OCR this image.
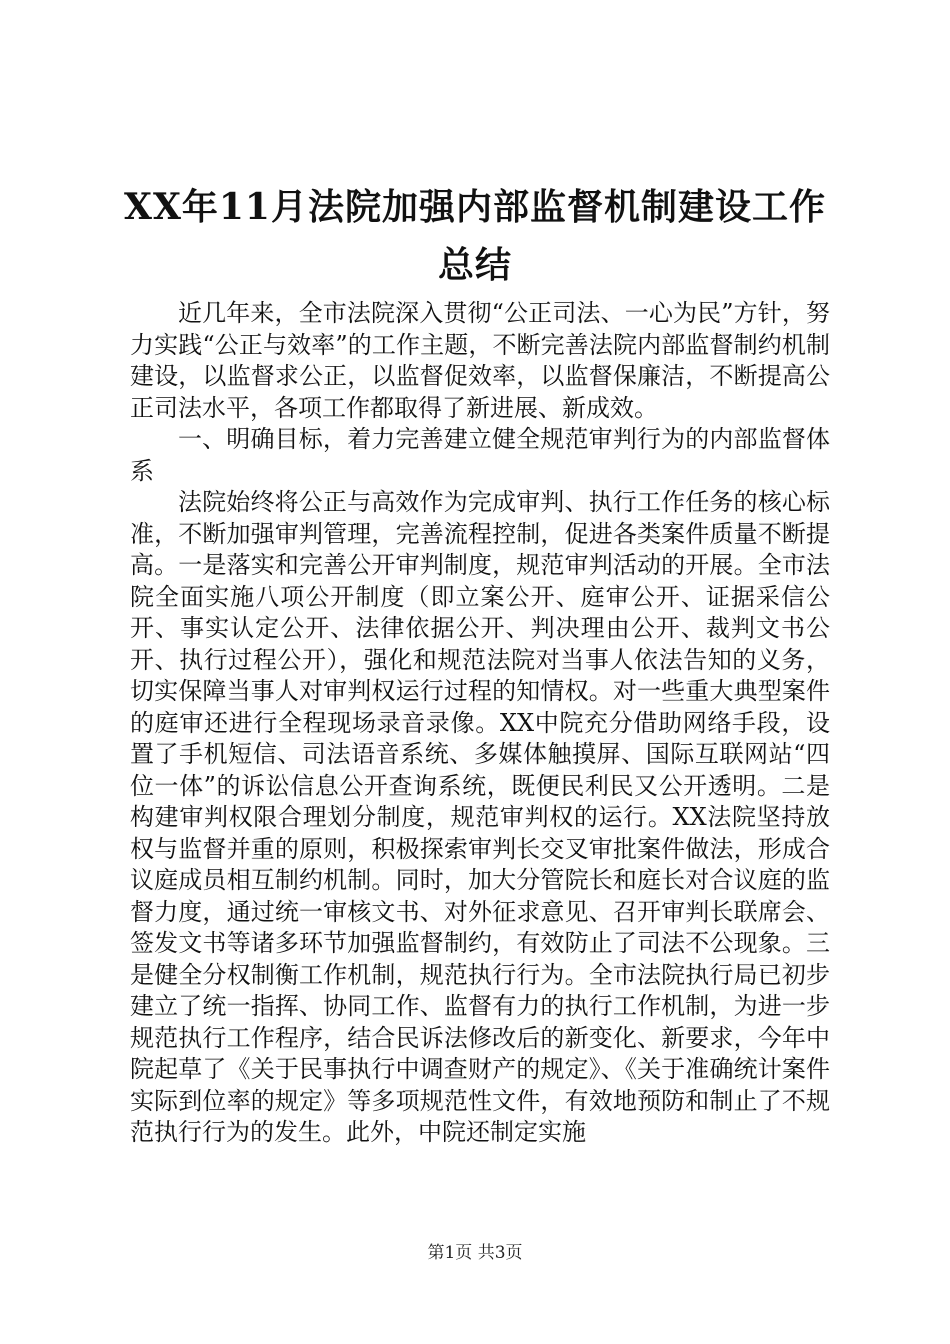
XX年11月法院加强内部监督机制建设工作总结

近几年来，全市法院深入贯彻“公正司法、一心为民”方针，努力实践“公正与效率”的工作主题，不断完善法院内部监督制约机制建设，以监督求公正，以监督促效率，以监督保廉洁，不断提高公正司法水平，各项工作都取得了新进展、新成效。

一、明确目标，着力完善建立健全规范审判行为的内部监督体系

法院始终将公正与高效作为完成审判、执行工作任务的核心标准，不断加强审判管理，完善流程控制，促进各类案件质量不断提高。一是落实和完善公开审判制度，规范审判活动的开展。全市法院全面实施八项公开制度（即立案公开、庭审公开、证据采信公开、事实认定公开、法律依据公开、判决理由公开、裁判文书公开、执行过程公开），强化和规范法院对当事人依法告知的义务，切实保障当事人对审判权运行过程的知情权。对一些重大典型案件的庭审还进行全程现场录音录像。XX中院充分借助网络手段，设置了手机短信、司法语音系统、多媒体触摸屏、国际互联网站“四位一体”的诉讼信息公开查询系统，既便民利民又公开透明。二是构建审判权限合理划分制度，规范审判权的运行。XX法院坚持放权与监督并重的原则，积极探索审判长交叉审批案件做法，形成合议庭成员相互制约机制。同时，加大分管院长和庭长对合议庭的监督力度，通过统一审核文书、对外征求意见、召开审判长联席会、签发文书等诸多环节加强监督制约，有效防止了司法不公现象。三是健全分权制衡工作机制，规范执行行为。全市法院执行局已初步建立了统一指挥、协同工作、监督有力的执行工作机制，为进一步规范执行工作程序，结合民诉法修改后的新变化、新要求，今年中院起草了《关于民事执行中调查财产的规定》、《关于准确统计案件实际到位率的规定》等多项规范性文件，有效地预防和制止了不规范执行行为的发生。此外，中院还制定实施

第1页 共3页
